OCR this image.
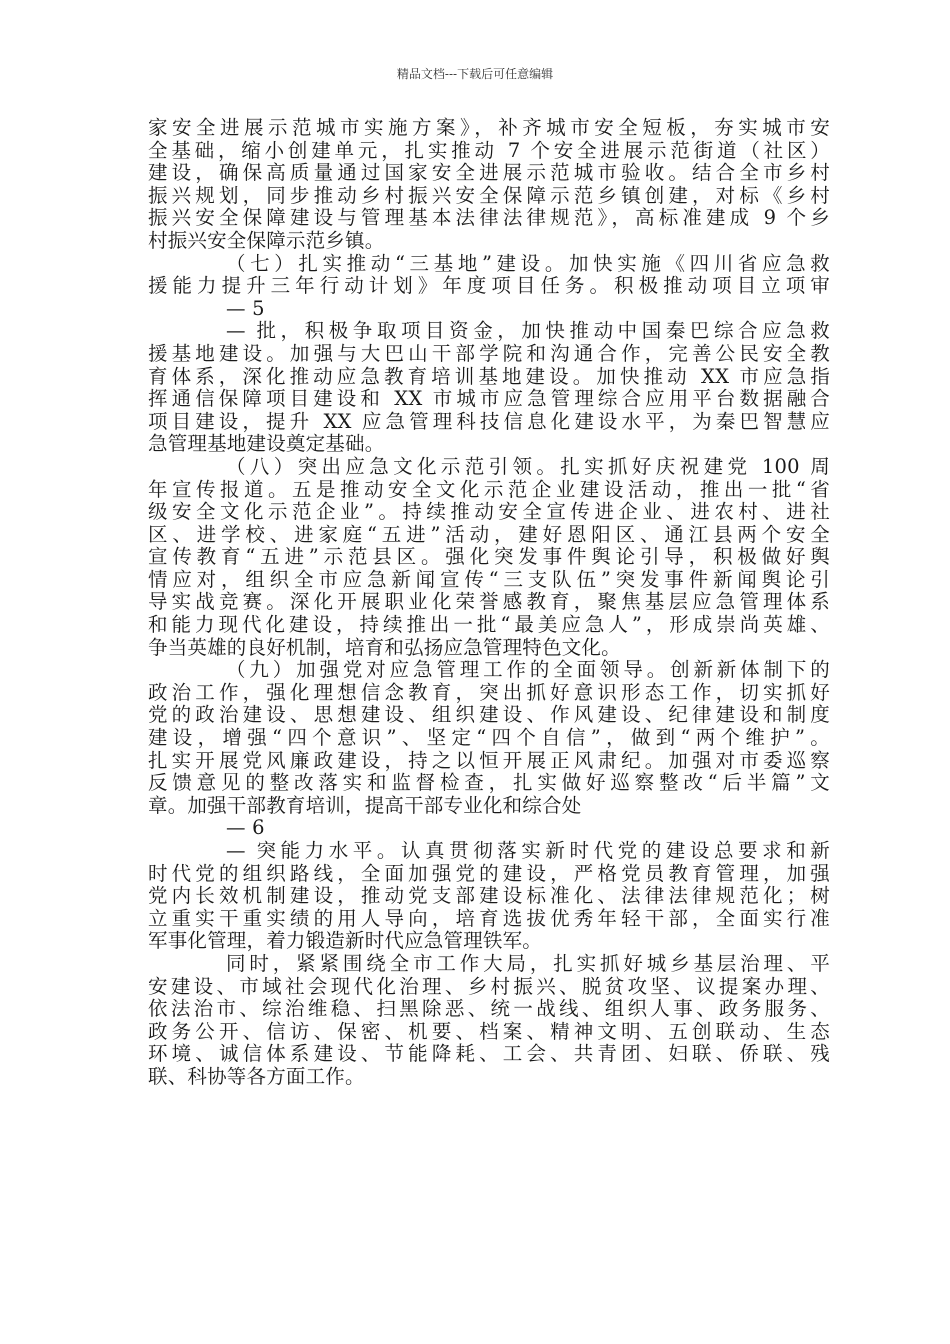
精品文档---下载后可任意编辑
家安全进展示范城市实施方案》，补齐城市安全短板，夯实城市安
全基础，缩小创建单元，扎实推动 7 个安全进展示范街道（社区）
建设，确保高质量通过国家安全进展示范城市验收。结合全市乡村
振兴规划，同步推动乡村振兴安全保障示范乡镇创建，对标《乡村
振兴安全保障建设与管理基本法律法律规范》，高标准建成 9 个乡
村振兴安全保障示范乡镇。
（七）扎实推动“三基地”建设。加快实施《四川省应急救
援能力提升三年行动计划》年度项目任务。积极推动项目立项审
— 5
— 批，积极争取项目资金，加快推动中国秦巴综合应急救
援基地建设。加强与大巴山干部学院和沟通合作，完善公民安全教
育体系，深化推动应急教育培训基地建设。加快推动 XX 市应急指
挥通信保障项目建设和 XX 市城市应急管理综合应用平台数据融合
项目建设，提升 XX 应急管理科技信息化建设水平，为秦巴智慧应
急管理基地建设奠定基础。
（八）突出应急文化示范引领。扎实抓好庆祝建党 100 周
年宣传报道。五是推动安全文化示范企业建设活动，推出一批“省
级安全文化示范企业”。持续推动安全宣传进企业、进农村、进社
区、进学校、进家庭“五进”活动，建好恩阳区、通江县两个安全
宣传教育“五进”示范县区。强化突发事件舆论引导，积极做好舆
情应对，组织全市应急新闻宣传“三支队伍”突发事件新闻舆论引
导实战竞赛。深化开展职业化荣誉感教育，聚焦基层应急管理体系
和能力现代化建设，持续推出一批“最美应急人”，形成崇尚英雄、
争当英雄的良好机制，培育和弘扬应急管理特色文化。
（九）加强党对应急管理工作的全面领导。创新新体制下的
政治工作，强化理想信念教育，突出抓好意识形态工作，切实抓好
党的政治建设、思想建设、组织建设、作风建设、纪律建设和制度
建设，增强“四个意识”、坚定“四个自信”，做到“两个维护”。
扎实开展党风廉政建设，持之以恒开展正风肃纪。加强对市委巡察
反馈意见的整改落实和监督检查，扎实做好巡察整改“后半篇”文
章。加强干部教育培训，提高干部专业化和综合处
— 6
— 突能力水平。认真贯彻落实新时代党的建设总要求和新
时代党的组织路线，全面加强党的建设，严格党员教育管理，加强
党内长效机制建设，推动党支部建设标准化、法律法律规范化；树
立重实干重实绩的用人导向，培育选拔优秀年轻干部，全面实行准
军事化管理，着力锻造新时代应急管理铁军。
同时，紧紧围绕全市工作大局，扎实抓好城乡基层治理、平
安建设、市域社会现代化治理、乡村振兴、脱贫攻坚、议提案办理、
依法治市、综治维稳、扫黑除恶、统一战线、组织人事、政务服务、
政务公开、信访、保密、机要、档案、精神文明、五创联动、生态
环境、诚信体系建设、节能降耗、工会、共青团、妇联、侨联、残
联、科协等各方面工作。
